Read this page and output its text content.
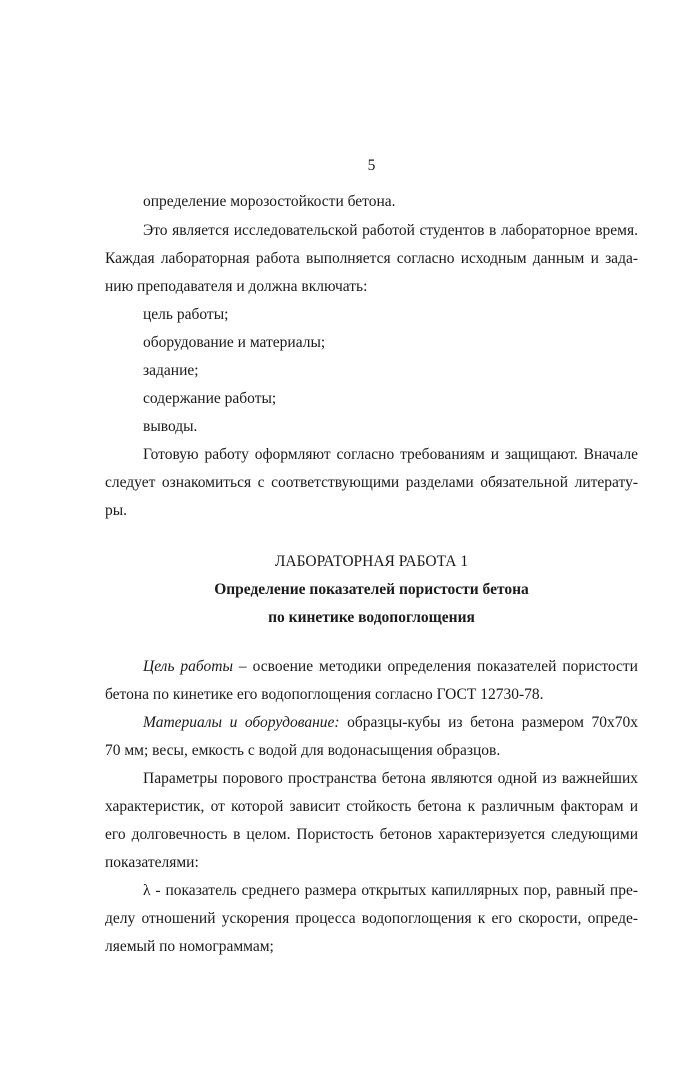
5
определение морозостойкости бетона.
Это является исследовательской работой студентов в лабораторное время.
Каждая лабораторная работа выполняется согласно исходным данным и зада-
нию преподавателя и должна включать:
цель работы;
оборудование и материалы;
задание;
содержание работы;
выводы.
Готовую работу оформляют согласно требованиям и защищают. Вначале
следует ознакомиться с соответствующими разделами обязательной литерату-
ры.
ЛАБОРАТОРНАЯ РАБОТА 1
Определение показателей пористости бетона
по кинетике водопоглощения
Цель работы – освоение методики определения показателей пористости
бетона по кинетике его водопоглощения согласно ГОСТ 12730-78.
Материалы и оборудование: образцы-кубы из бетона размером 70х70х
70 мм; весы, емкость с водой для водонасыщения образцов.
Параметры порового пространства бетона являются одной из важнейших
характеристик, от которой зависит стойкость бетона к различным факторам и
его долговечность в целом. Пористость бетонов характеризуется следующими
показателями:
λ - показатель среднего размера открытых капиллярных пор, равный пре-
делу отношений ускорения процесса водопоглощения к его скорости, опреде-
ляемый по номограммам;
